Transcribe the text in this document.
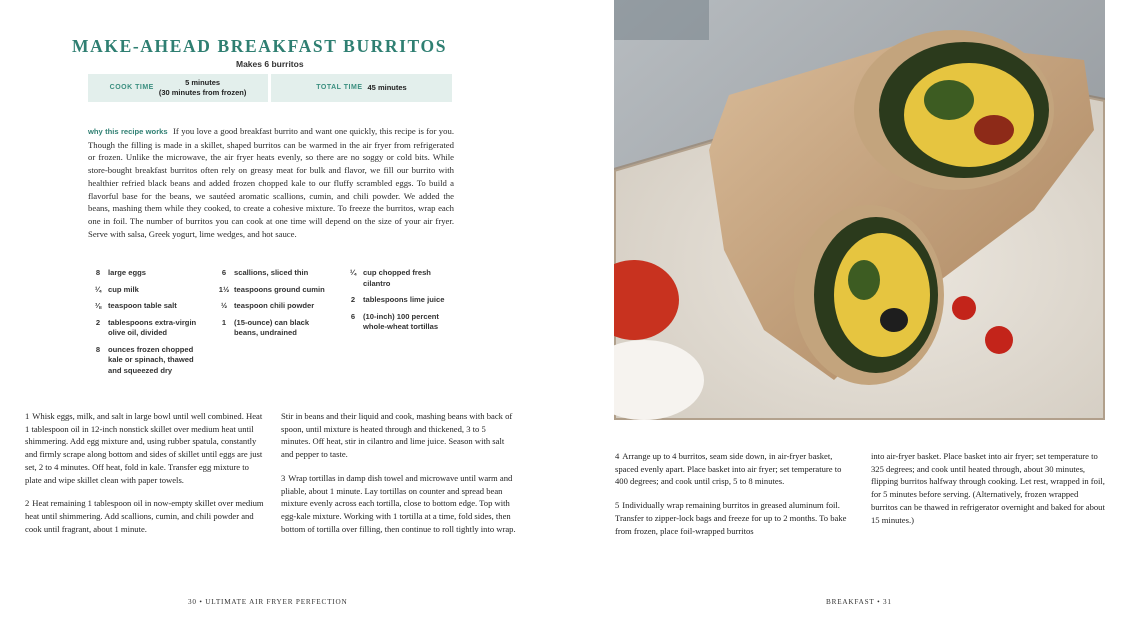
MAKE-AHEAD BREAKFAST BURRITOS
Makes 6 burritos
COOK TIME
5 minutes
(30 minutes from frozen)
TOTAL TIME 45 minutes
why this recipe works If you love a good breakfast burrito and want one quickly, this recipe is for you. Though the filling is made in a skillet, shaped burritos can be warmed in the air fryer from refrigerated or frozen. Unlike the microwave, the air fryer heats evenly, so there are no soggy or cold bits. While store-bought breakfast burritos often rely on greasy meat for bulk and flavor, we fill our burrito with healthier refried black beans and added frozen chopped kale to our fluffy scrambled eggs. To build a flavorful base for the beans, we sautéed aromatic scallions, cumin, and chili powder. We added the beans, mashing them while they cooked, to create a cohesive mixture. To freeze the burritos, wrap each one in foil. The number of burritos you can cook at one time will depend on the size of your air fryer. Serve with salsa, Greek yogurt, lime wedges, and hot sauce.
8	large eggs
¼ cup milk
⅛ teaspoon table salt
2	tablespoons extra-virgin olive oil, divided
8	ounces frozen chopped kale or spinach, thawed and squeezed dry
6	scallions, sliced thin
1½ teaspoons ground cumin
½ teaspoon chili powder
1	(15-ounce) can black beans, undrained
¼ cup chopped fresh cilantro
2	tablespoons lime juice
6	(10-inch) 100 percent whole-wheat tortillas
1 Whisk eggs, milk, and salt in large bowl until well combined. Heat 1 tablespoon oil in 12-inch nonstick skillet over medium heat until shimmering. Add egg mixture and, using rubber spatula, constantly and firmly scrape along bottom and sides of skillet until eggs are just set, 2 to 4 minutes. Off heat, fold in kale. Transfer egg mixture to plate and wipe skillet clean with paper towels.
2 Heat remaining 1 tablespoon oil in now-empty skillet over medium heat until shimmering. Add scallions, cumin, and chili powder and cook until fragrant, about 1 minute.
Stir in beans and their liquid and cook, mashing beans with back of spoon, until mixture is heated through and thickened, 3 to 5 minutes. Off heat, stir in cilantro and lime juice. Season with salt and pepper to taste.
3 Wrap tortillas in damp dish towel and microwave until warm and pliable, about 1 minute. Lay tortillas on counter and spread bean mixture evenly across each tortilla, close to bottom edge. Top with egg-kale mixture. Working with 1 tortilla at a time, fold sides, then bottom of tortilla over filling, then continue to roll tightly into wrap.
30 • ULTIMATE AIR FRYER PERFECTION
4 Arrange up to 4 burritos, seam side down, in air-fryer basket, spaced evenly apart. Place basket into air fryer; set temperature to 400 degrees; and cook until crisp, 5 to 8 minutes.
5 Individually wrap remaining burritos in greased aluminum foil. Transfer to zipper-lock bags and freeze for up to 2 months. To bake from frozen, place foil-wrapped burritos
into air-fryer basket. Place basket into air fryer; set temperature to 325 degrees; and cook until heated through, about 30 minutes, flipping burritos halfway through cooking. Let rest, wrapped in foil, for 5 minutes before serving. (Alternatively, frozen wrapped burritos can be thawed in refrigerator overnight and baked for about 15 minutes.)
BREAKFAST • 31
